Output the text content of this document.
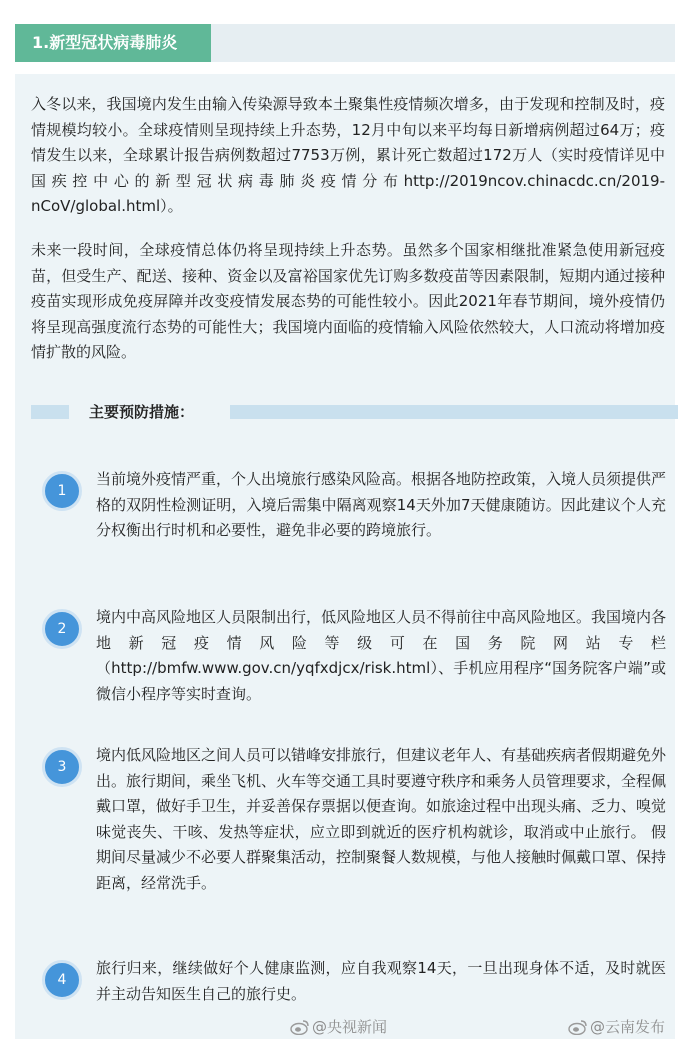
1.新型冠状病毒肺炎

入冬以来，我国境内发生由输入传染源导致本土聚集性疫情频次增多，由于发现和控制及时，疫情规模均较小。全球疫情则呈现持续上升态势，12月中旬以来平均每日新增病例超过64万；疫情发生以来，全球累计报告病例数超过7753万例，累计死亡数超过172万人（实时疫情详见中国疾控中心的新型冠状病毒肺炎疫情分布http://2019ncov.chinacdc.cn/2019-nCoV/global.html）。

未来一段时间，全球疫情总体仍将呈现持续上升态势。虽然多个国家相继批准紧急使用新冠疫苗，但受生产、配送、接种、资金以及富裕国家优先订购多数疫苗等因素限制，短期内通过接种疫苗实现形成免疫屏障并改变疫情发展态势的可能性较小。因此2021年春节期间，境外疫情仍将呈现高强度流行态势的可能性大；我国境内面临的疫情输入风险依然较大，人口流动将增加疫情扩散的风险。

主要预防措施：
1

当前境外疫情严重，个人出境旅行感染风险高。根据各地防控政策，入境人员须提供严格的双阴性检测证明，入境后需集中隔离观察14天外加7天健康随访。因此建议个人充分权衡出行时机和必要性，避免非必要的跨境旅行。

2

境内中高风险地区人员限制出行，低风险地区人员不得前往中高风险地区。我国境内各地新冠疫情风险等级可在国务院网站专栏（http://bmfw.www.gov.cn/yqfxdjcx/risk.html）、手机应用程序“国务院客户端”或微信小程序等实时查询。

3

境内低风险地区之间人员可以错峰安排旅行，但建议老年人、有基础疾病者假期避免外出。旅行期间，乘坐飞机、火车等交通工具时要遵守秩序和乘务人员管理要求，全程佩戴口罩，做好手卫生，并妥善保存票据以便查询。如旅途过程中出现头痛、乏力、嗅觉味觉丧失、干咳、发热等症状，应立即到就近的医疗机构就诊，取消或中止旅行。 假期间尽量减少不必要人群聚集活动，控制聚餐人数规模，与他人接触时佩戴口罩、保持距离，经常洗手。

4

旅行归来，继续做好个人健康监测，应自我观察14天，一旦出现身体不适，及时就医并主动告知医生自己的旅行史。

@央视新闻	@云南发布
